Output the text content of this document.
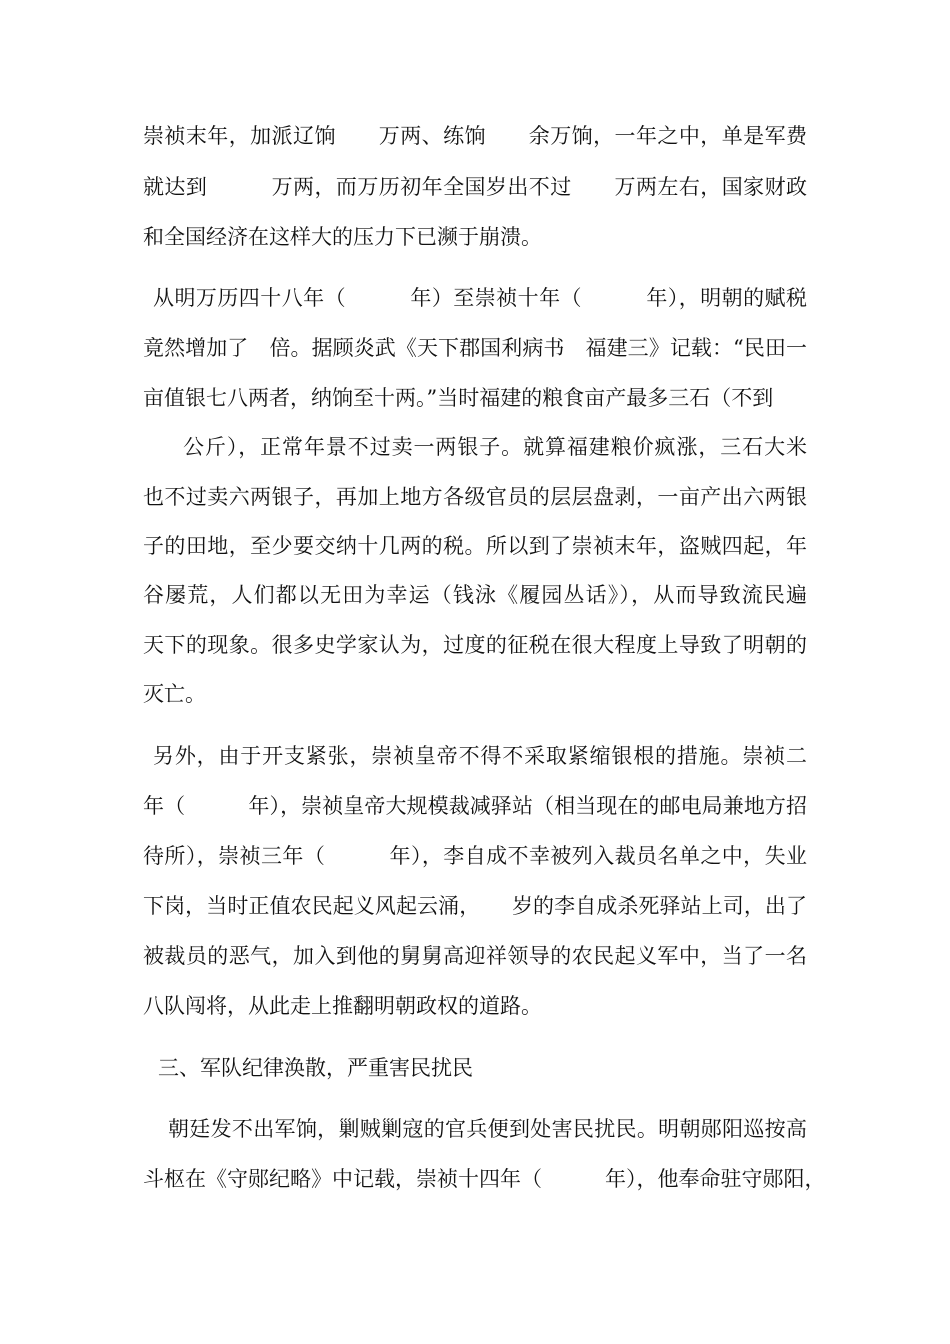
崇祯末年，加派辽饷　　万两、练饷　　余万饷，一年之中，单是军费
就达到　　　万两，而万历初年全国岁出不过　　万两左右，国家财政
和全国经济在这样大的压力下已濒于崩溃。
从明万历四十八年（　　　年）至崇祯十年（　　　年），明朝的赋税
竟然增加了　倍。据顾炎武《天下郡国利病书　福建三》记载：“民田一
亩值银七八两者，纳饷至十两。”当时福建的粮食亩产最多三石（不到
公斤），正常年景不过卖一两银子。就算福建粮价疯涨，三石大米
也不过卖六两银子，再加上地方各级官员的层层盘剥，一亩产出六两银
子的田地，至少要交纳十几两的税。所以到了崇祯末年，盗贼四起，年
谷屡荒，人们都以无田为幸运（钱泳《履园丛话》），从而导致流民遍
天下的现象。很多史学家认为，过度的征税在很大程度上导致了明朝的
灭亡。
另外，由于开支紧张，崇祯皇帝不得不采取紧缩银根的措施。崇祯二
年（　　　年），崇祯皇帝大规模裁减驿站（相当现在的邮电局兼地方招
待所），崇祯三年（　　　年），李自成不幸被列入裁员名单之中，失业
下岗，当时正值农民起义风起云涌，　　岁的李自成杀死驿站上司，出了
被裁员的恶气，加入到他的舅舅高迎祥领导的农民起义军中，当了一名
八队闯将，从此走上推翻明朝政权的道路。
三、军队纪律涣散，严重害民扰民
朝廷发不出军饷，剿贼剿寇的官兵便到处害民扰民。明朝郧阳巡按高
斗枢在《守郧纪略》中记载，崇祯十四年（　　　年），他奉命驻守郧阳，
